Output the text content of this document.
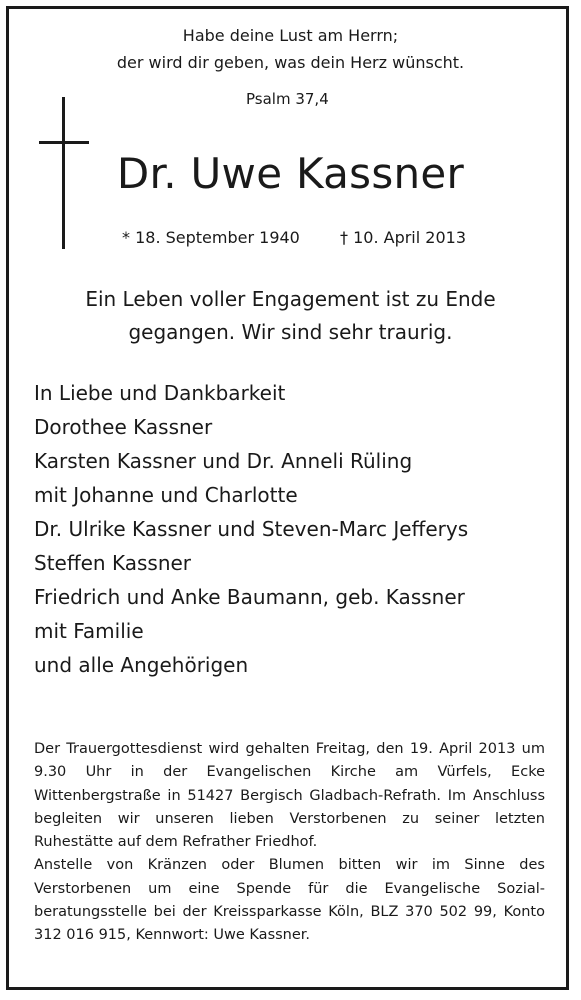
Habe deine Lust am Herrn;
der wird dir geben, was dein Herz wünscht.
Psalm 37,4
Dr. Uwe Kassner
* 18. September 1940	† 10. April 2013
Ein Leben voller Engagement ist zu Ende
gegangen. Wir sind sehr traurig.
In Liebe und Dankbarkeit
Dorothee Kassner
Karsten Kassner und Dr. Anneli Rüling
mit Johanne und Charlotte
Dr. Ulrike Kassner und Steven-Marc Jefferys
Steffen Kassner
Friedrich und Anke Baumann, geb. Kassner
mit Familie
und alle Angehörigen

Der Trauergottesdienst wird gehalten Freitag, den 19. April 2013 um 9.30 Uhr in der Evangelischen Kirche am Vürfels, Ecke Wittenbergstraße in 51427 Bergisch Gladbach-Refrath. Im Anschluss begleiten wir unseren lieben Verstorbenen zu seiner letzten Ruhestätte auf dem Refrather Friedhof.

Anstelle von Kränzen oder Blumen bitten wir im Sinne des Verstorbenen um eine Spende für die Evangelische Sozial-beratungsstelle bei der Kreissparkasse Köln, BLZ 370 502 99, Konto 312 016 915, Kennwort: Uwe Kassner.
